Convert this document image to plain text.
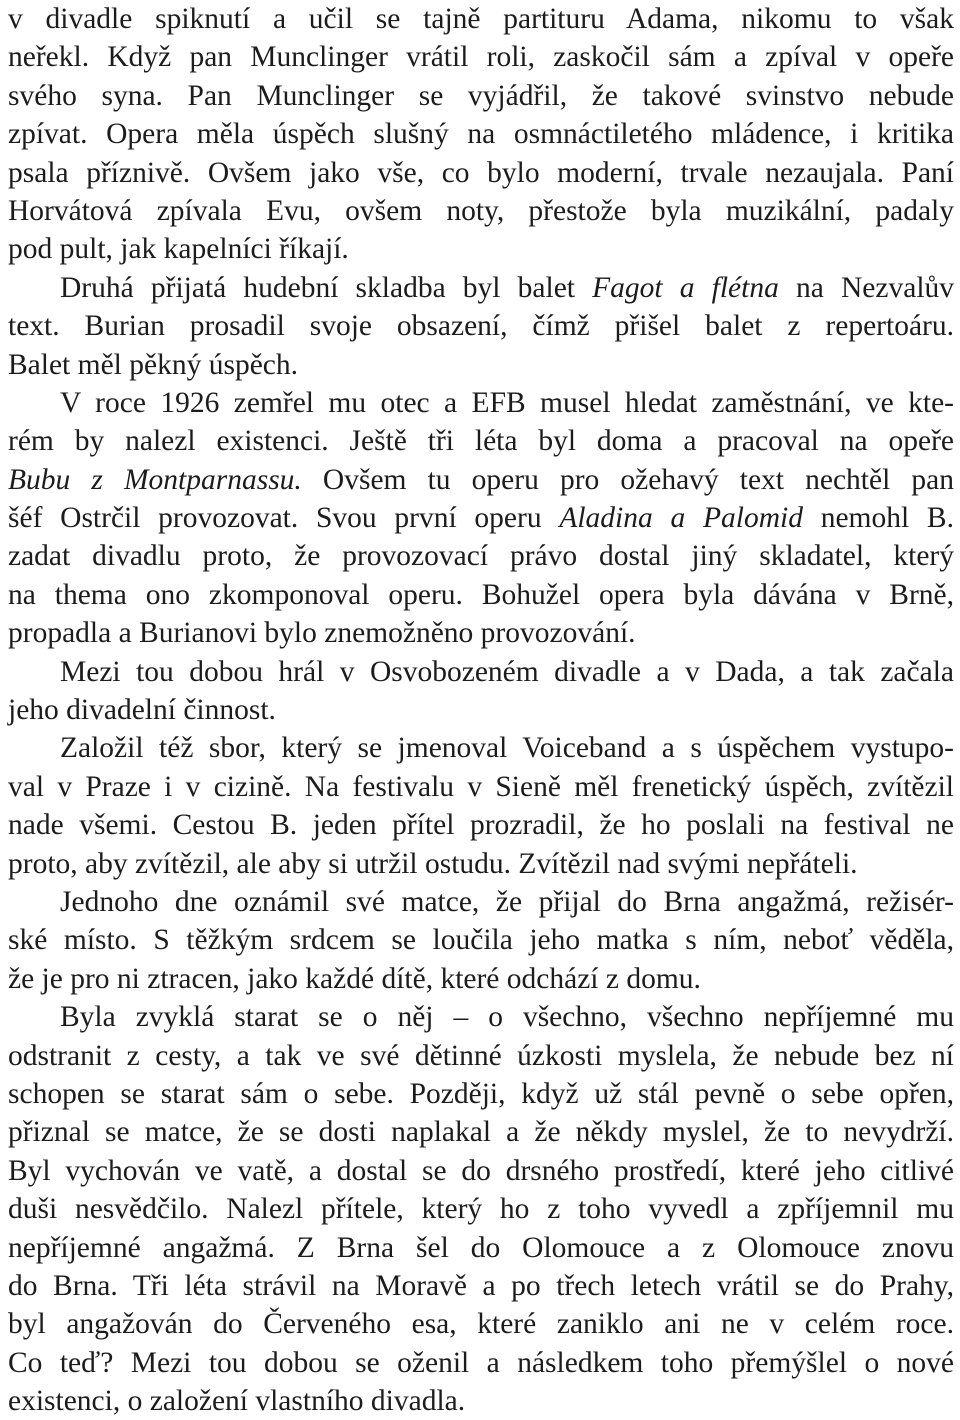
v divadle spiknutí a učil se tajně partituru Adama, nikomu to však
neřekl. Když pan Munclinger vrátil roli, zaskočil sám a zpíval v opeře
svého syna. Pan Munclinger se vyjádřil, že takové svinstvo nebude
zpívat. Opera měla úspěch slušný na osmnáctiletého mládence, i kritika
psala příznivě. Ovšem jako vše, co bylo moderní, trvale nezaujala. Paní
Horvátová zpívala Evu, ovšem noty, přestože byla muzikální, padaly
pod pult, jak kapelníci říkají.
Druhá přijatá hudební skladba byl balet Fagot a flétna na Nezvalův
text. Burian prosadil svoje obsazení, čímž přišel balet z repertoáru.
Balet měl pěkný úspěch.
V roce 1926 zemřel mu otec a EFB musel hledat zaměstnání, ve kte-
rém by nalezl existenci. Ještě tři léta byl doma a pracoval na opeře
Bubu z Montparnassu. Ovšem tu operu pro ožehavý text nechtěl pan
šéf Ostrčil provozovat. Svou první operu Aladina a Palomid nemohl B.
zadat divadlu proto, že provozovací právo dostal jiný skladatel, který
na thema ono zkomponoval operu. Bohužel opera byla dávána v Brně,
propadla a Burianovi bylo znemožněno provozování.
Mezi tou dobou hrál v Osvobozeném divadle a v Dada, a tak začala
jeho divadelní činnost.
Založil též sbor, který se jmenoval Voiceband a s úspěchem vystupo-
val v Praze i v cizině. Na festivalu v Sieně měl frenetický úspěch, zvítězil
nade všemi. Cestou B. jeden přítel prozradil, že ho poslali na festival ne
proto, aby zvítězil, ale aby si utržil ostudu. Zvítězil nad svými nepřáteli.
Jednoho dne oznámil své matce, že přijal do Brna angažmá, režisér-
ské místo. S těžkým srdcem se loučila jeho matka s ním, neboť věděla,
že je pro ni ztracen, jako každé dítě, které odchází z domu.
Byla zvyklá starat se o něj – o všechno, všechno nepříjemné mu
odstranit z cesty, a tak ve své dětinné úzkosti myslela, že nebude bez ní
schopen se starat sám o sebe. Později, když už stál pevně o sebe opřen,
přiznal se matce, že se dosti naplakal a že někdy myslel, že to nevydrží.
Byl vychován ve vatě, a dostal se do drsného prostředí, které jeho citlivé
duši nesvědčilo. Nalezl přítele, který ho z toho vyvedl a zpříjemnil mu
nepříjemné angažmá. Z Brna šel do Olomouce a z Olomouce znovu
do Brna. Tři léta strávil na Moravě a po třech letech vrátil se do Prahy,
byl angažován do Červeného esa, které zaniklo ani ne v celém roce.
Co teď? Mezi tou dobou se oženil a následkem toho přemýšlel o nové
existenci, o založení vlastního divadla.
